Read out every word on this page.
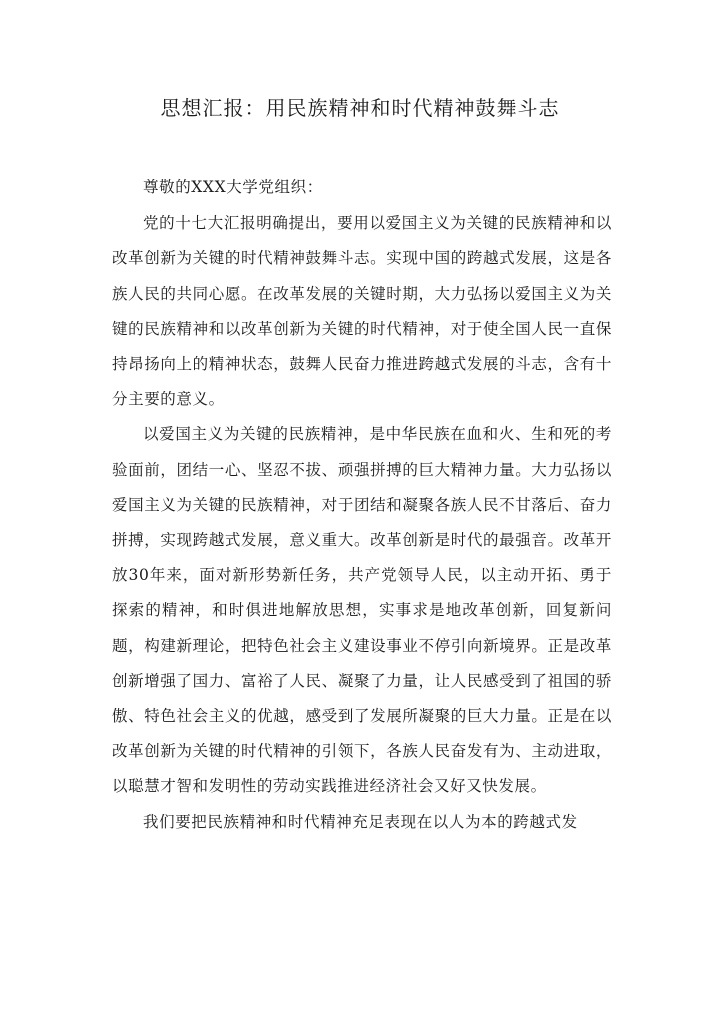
思想汇报：用民族精神和时代精神鼓舞斗志

尊敬的XXX大学党组织：

党的十七大汇报明确提出，要用以爱国主义为关键的民族精神和以改革创新为关键的时代精神鼓舞斗志。实现中国的跨越式发展，这是各族人民的共同心愿。在改革发展的关键时期，大力弘扬以爱国主义为关键的民族精神和以改革创新为关键的时代精神，对于使全国人民一直保持昂扬向上的精神状态，鼓舞人民奋力推进跨越式发展的斗志，含有十分主要的意义。

以爱国主义为关键的民族精神，是中华民族在血和火、生和死的考验面前，团结一心、坚忍不拔、顽强拼搏的巨大精神力量。大力弘扬以爱国主义为关键的民族精神，对于团结和凝聚各族人民不甘落后、奋力拼搏，实现跨越式发展，意义重大。改革创新是时代的最强音。改革开放30年来，面对新形势新任务，共产党领导人民，以主动开拓、勇于探索的精神，和时俱进地解放思想，实事求是地改革创新，回复新问题，构建新理论，把特色社会主义建设事业不停引向新境界。正是改革创新增强了国力、富裕了人民、凝聚了力量，让人民感受到了祖国的骄傲、特色社会主义的优越，感受到了发展所凝聚的巨大力量。正是在以改革创新为关键的时代精神的引领下，各族人民奋发有为、主动进取，以聪慧才智和发明性的劳动实践推进经济社会又好又快发展。

我们要把民族精神和时代精神充足表现在以人为本的跨越式发
